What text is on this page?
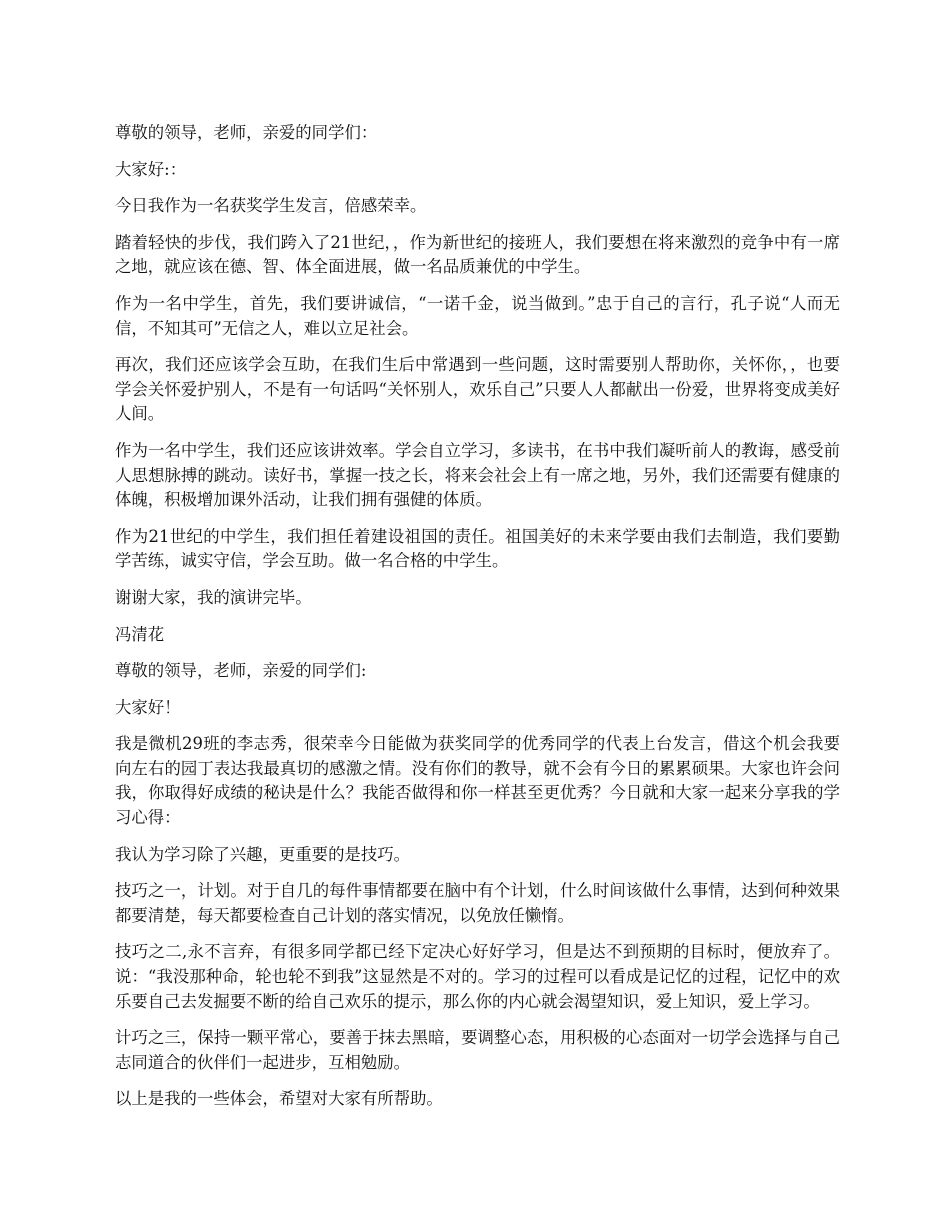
尊敬的领导，老师，亲爱的同学们：

大家好:：

今日我作为一名获奖学生发言，倍感荣幸。

踏着轻快的步伐，我们跨入了21世纪，，作为新世纪的接班人，我们要想在将来激烈的竞争中有一席之地，就应该在德、智、体全面进展，做一名品质兼优的中学生。

作为一名中学生，首先，我们要讲诚信，“一诺千金，说当做到。”忠于自己的言行，孔子说“人而无信，不知其可”无信之人，难以立足社会。

再次，我们还应该学会互助，在我们生后中常遇到一些问题，这时需要别人帮助你，关怀你，，也要学会关怀爱护别人，不是有一句话吗“关怀别人，欢乐自己”只要人人都献出一份爱，世界将变成美好人间。

作为一名中学生，我们还应该讲效率。学会自立学习，多读书，在书中我们凝听前人的教诲，感受前人思想脉搏的跳动。读好书，掌握一技之长，将来会社会上有一席之地，另外，我们还需要有健康的体魄，积极增加课外活动，让我们拥有强健的体质。

作为21世纪的中学生，我们担任着建设祖国的责任。祖国美好的未来学要由我们去制造，我们要勤学苦练，诚实守信，学会互助。做一名合格的中学生。

谢谢大家，我的演讲完毕。

冯清花

尊敬的领导，老师，亲爱的同学们:

大家好！

我是微机29班的李志秀，很荣幸今日能做为获奖同学的优秀同学的代表上台发言，借这个机会我要向左右的园丁表达我最真切的感激之情。没有你们的教导，就不会有今日的累累硕果。大家也许会问我，你取得好成绩的秘诀是什么？我能否做得和你一样甚至更优秀？今日就和大家一起来分享我的学习心得：

我认为学习除了兴趣，更重要的是技巧。

技巧之一，计划。对于自几的每件事情都要在脑中有个计划，什么时间该做什么事情，达到何种效果都要清楚，每天都要检查自己计划的落实情况，以免放任懒惰。

技巧之二,永不言弃，有很多同学都已经下定决心好好学习，但是达不到预期的目标时，便放弃了。说：“我没那种命，轮也轮不到我”这显然是不对的。学习的过程可以看成是记忆的过程，记忆中的欢乐要自己去发掘要不断的给自己欢乐的提示，那么你的内心就会渴望知识，爱上知识，爱上学习。

计巧之三，保持一颗平常心，要善于抹去黑暗，要调整心态，用积极的心态面对一切学会选择与自己志同道合的伙伴们一起进步，互相勉励。

以上是我的一些体会，希望对大家有所帮助。
